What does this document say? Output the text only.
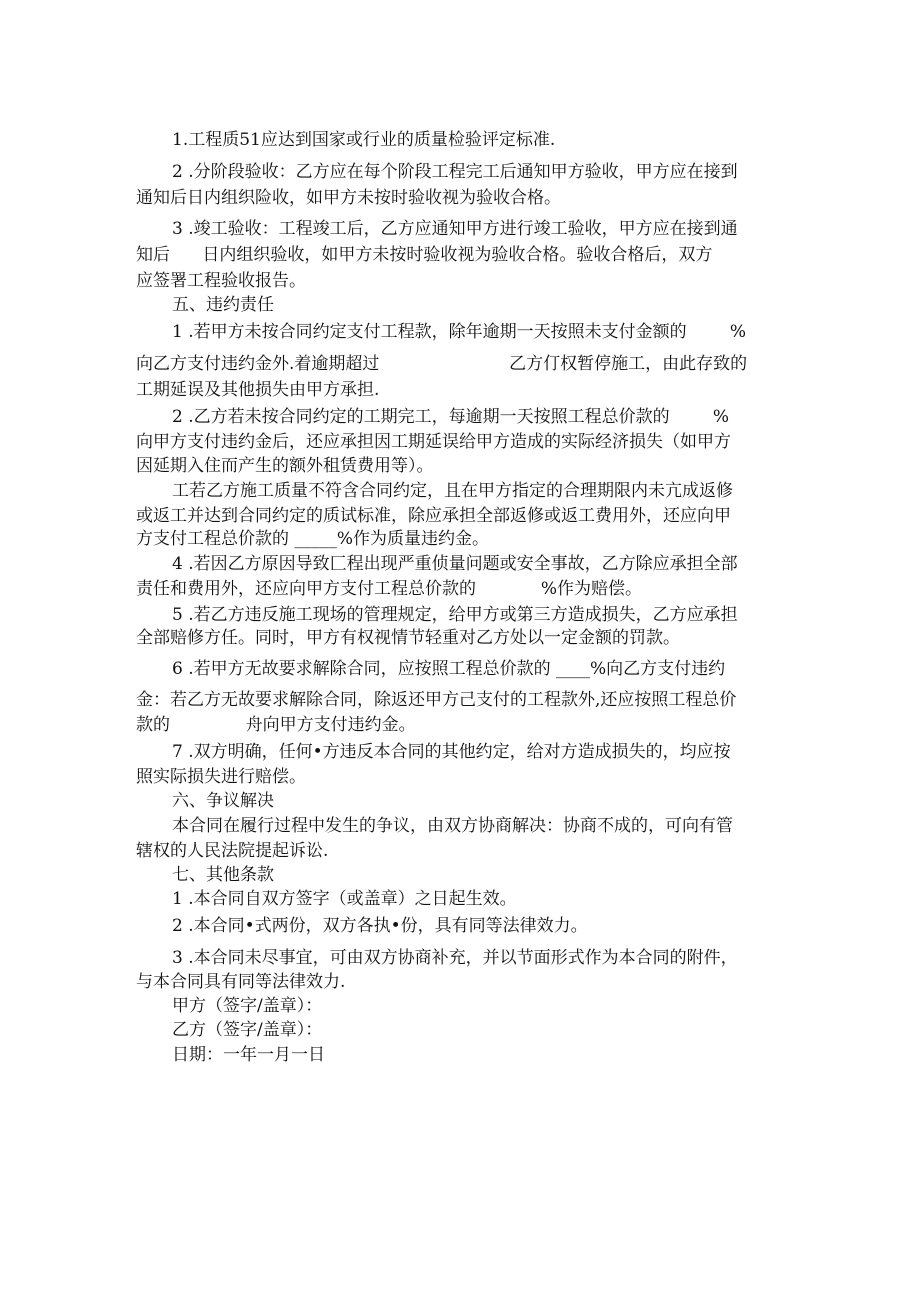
1.工程质51应达到国家或行业的质量检验评定标准.
2 .分阶段验收：乙方应在每个阶段工程完工后通知甲方验收，甲方应在接到
通知后日内组织险收，如甲方未按时验收视为验收合格。
3 .竣工验收：工程竣工后，乙方应通知甲方进行竣工验收，甲方应在接到通
知后      日内组织验收，如甲方未按时验收视为验收合格。验收合格后，双方
应签署工程验收报告。
五、违约责任
1 .若甲方未按合同约定支付工程款，除年逾期一天按照未支付金额的        %
向乙方支付违约金外.着逾期超过                        乙方仃权暂停施工，由此存致的
工期延误及其他损失由甲方承担.
2 .乙方若未按合同约定的工期完工，每逾期一天按照工程总价款的        %
向甲方支付违约金后，还应承担因工期延误给甲方造成的实际经济损失（如甲方
因延期入住而产生的额外租赁费用等）。
工若乙方施工质量不符含合同约定，且在甲方指定的合理期限内未亢成返修
或返工并达到合同约定的质试标准，除应承担全部返修或返工费用外，还应向甲
方支付工程总价款的 _____%作为质量违约金。
4 .若因乙方原因导致匚程出现严重侦量问题或安全事故，乙方除应承担全部
责任和费用外，还应向甲方支付工程总价款的            %作为赔偿。
5 .若乙方违反施工现场的管理规定，给甲方或第三方造成损失，乙方应承担
全部赔修方任。同时，甲方有权视情节轻重对乙方处以一定金额的罚款。
6 .若甲方无故要求解除合同，应按照工程总价款的 ____%向乙方支付违约
金：若乙方无故要求解除合同，除返还甲方己支付的工程款外,还应按照工程总价
款的              舟向甲方支付违约金。
7 .双方明确，任何•方违反本合同的其他约定，给对方造成损失的，均应按
照实际损失进行赔偿。
六、争议解决
本合同在履行过程中发生的争议，由双方协商解决：协商不成的，可向有管
辖权的人民法院提起诉讼.
七、其他条款
1 .本合同自双方签字（或盖章）之日起生效。
2 .本合同•式两份，双方各执•份，具有同等法律效力。
3 .本合同未尽事宜，可由双方协商补充，并以节面形式作为本合同的附件，
与本合同具有同等法律效力.
甲方（签字/盖章）：
乙方（签字/盖章）：
日期：一年一月一日
